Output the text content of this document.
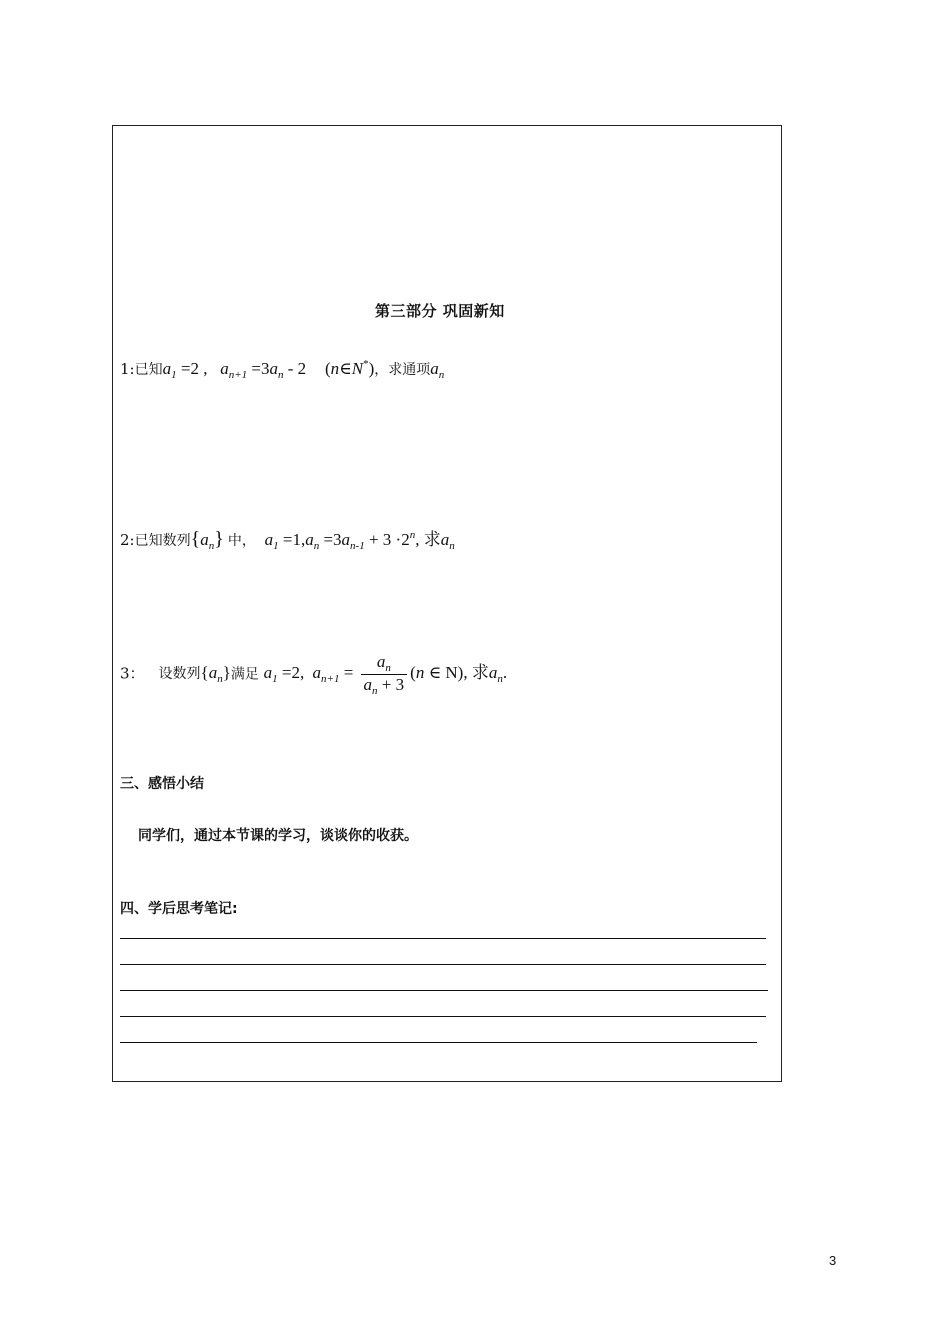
第三部分 巩固新知
1:已知$a_1 =2$ , $a_{n+1} =3a_n - 2$ (n∈N*)，求通项$a_n$
2:已知数列$\{a_n\}$ 中， $a_1 =1,a_n =3a_{n-1} + 3 \cdot 2^n$, 求$a_n$
3： 设数列$\{a_n\}$满足 $a_1 =2$, $a_{n+1} = \frac{a_n}{a_n + 3} (n$ ∈ N), 求$a_n$.
三、感悟小结
同学们，通过本节课的学习，谈谈你的收获。
四、学后思考笔记:
3
